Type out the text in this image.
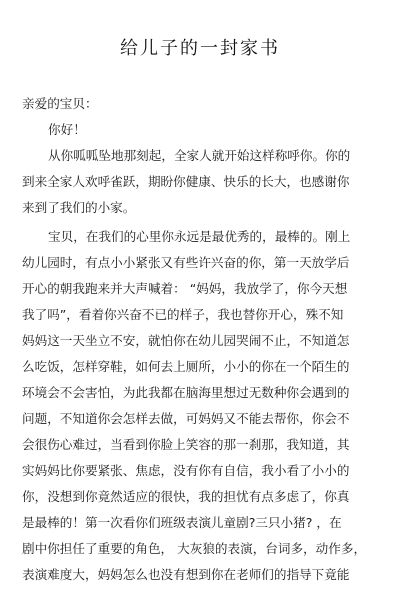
给儿子的一封家书
亲爱的宝贝：
你好！
从你呱呱坠地那刻起，全家人就开始这样称呼你。你的
到来全家人欢呼雀跃，期盼你健康、快乐的长大，也感谢你
来到了我们的小家。
宝贝，在我们的心里你永远是最优秀的，最棒的。刚上
幼儿园时，有点小小紧张又有些许兴奋的你，第一天放学后
开心的朝我跑来并大声喊着： “妈妈，我放学了，你今天想
我了吗”，看着你兴奋不已的样子，我也替你开心，殊不知
妈妈这一天坐立不安，就怕你在幼儿园哭闹不止，不知道怎
么吃饭，怎样穿鞋，如何去上厕所，小小的你在一个陌生的
环境会不会害怕，为此我都在脑海里想过无数种你会遇到的
问题，不知道你会怎样去做，可妈妈又不能去帮你，你会不
会很伤心难过，当看到你脸上笑容的那一刹那，我知道，其
实妈妈比你要紧张、焦虑，没有你有自信，我小看了小小的
你，没想到你竟然适应的很快，我的担忧有点多虑了，你真
是最棒的！第一次看你们班级表演儿童剧?三只小猪? ，在
剧中你担任了重要的角色， 大灰狼的表演，台词多，动作多，
表演难度大，妈妈怎么也没有想到你在老师们的指导下竟能
